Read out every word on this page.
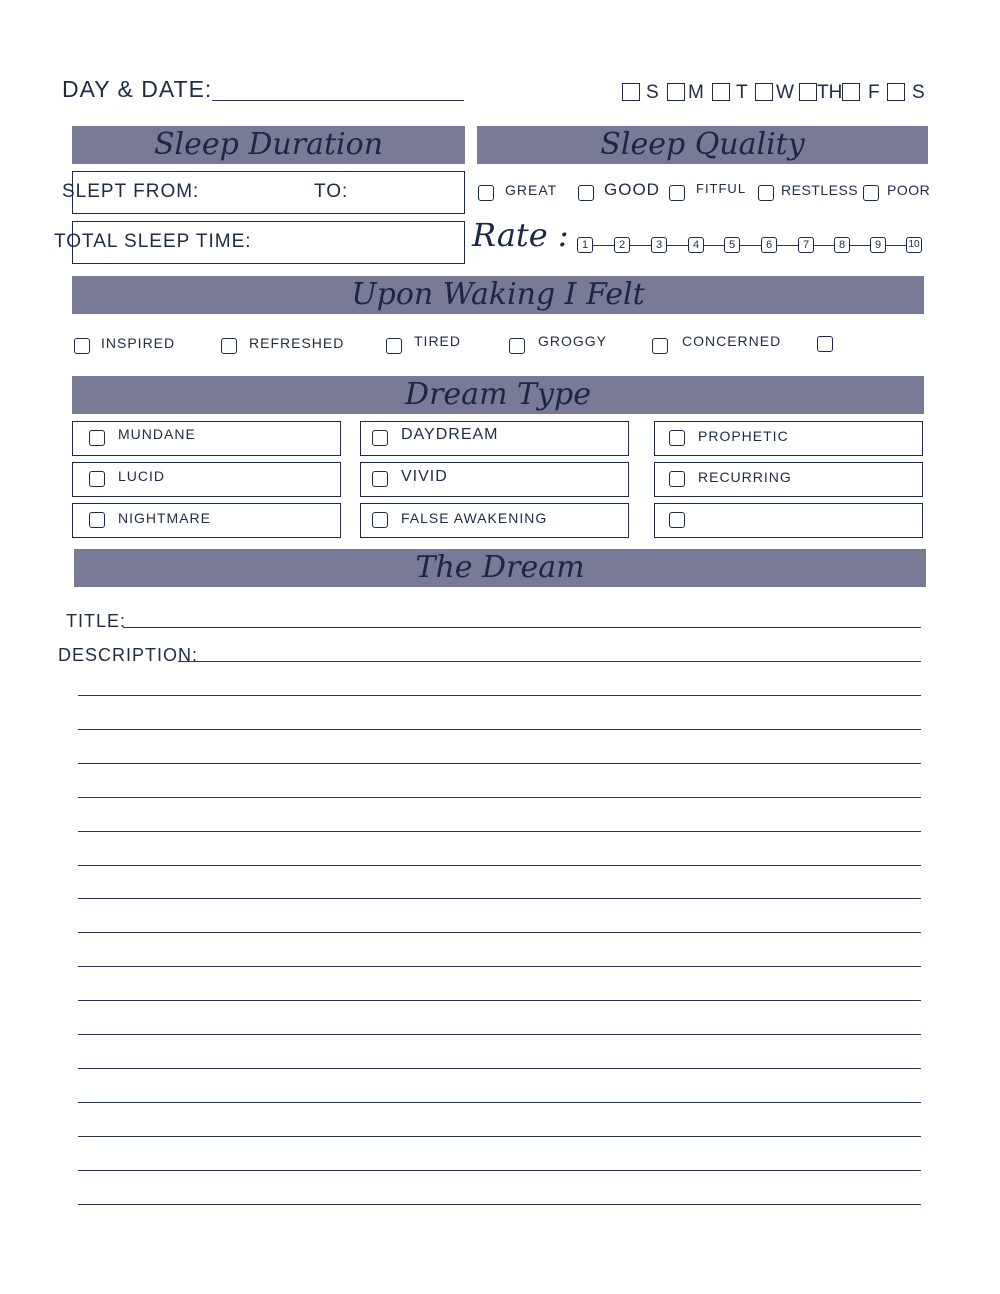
DAY & DATE:	S M T W TH F S
Sleep Duration	Sleep Quality
SLEPT FROM:	TO:
TOTAL SLEEP TIME:
GREAT	GOOD	FITFUL RESTLESS POOR
Rate :	1	2	3	4	5	6	7	8	9	10
Upon Waking I Felt
INSPIRED	REFRESHED	TIRED	GROGGY	CONCERNED
Dream Type
MUNDANE
LUCID
NIGHTMARE
DAYDREAM
VIVID
FALSE AWAKENING
PROPHETIC
RECURRING
The Dream
TITLE:
DESCRIPTION:
